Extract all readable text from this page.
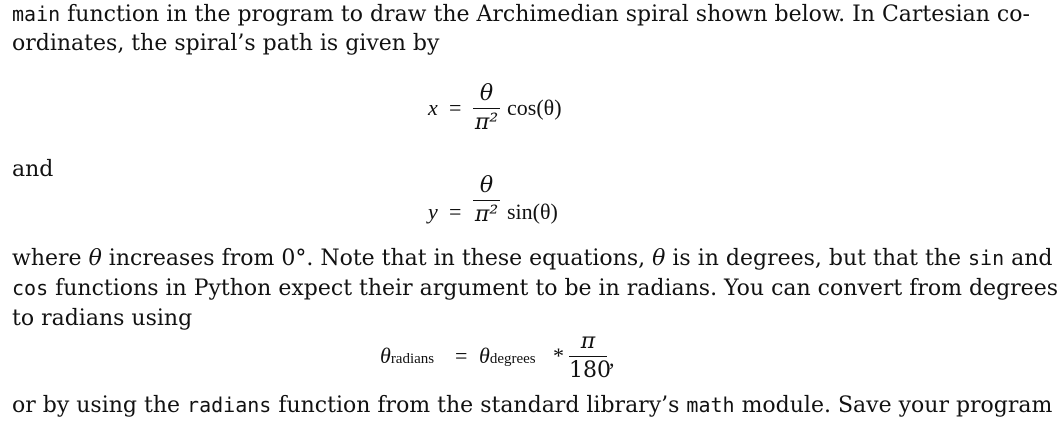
main function in the program to draw the Archimedian spiral shown below. In Cartesian co-
ordinates, the spiral’s path is given by
x =
θ
π²
cos(θ)
and
y =
θ
π² sin(θ)
where θ increases from 0°. Note that in these equations, θ is in degrees, but that the sin and
cos functions in Python expect their argument to be in radians. You can convert from degrees
to radians using
θradians = θdegrees *
π
180
,
or by using the radians function from the standard library’s math module. Save your program
